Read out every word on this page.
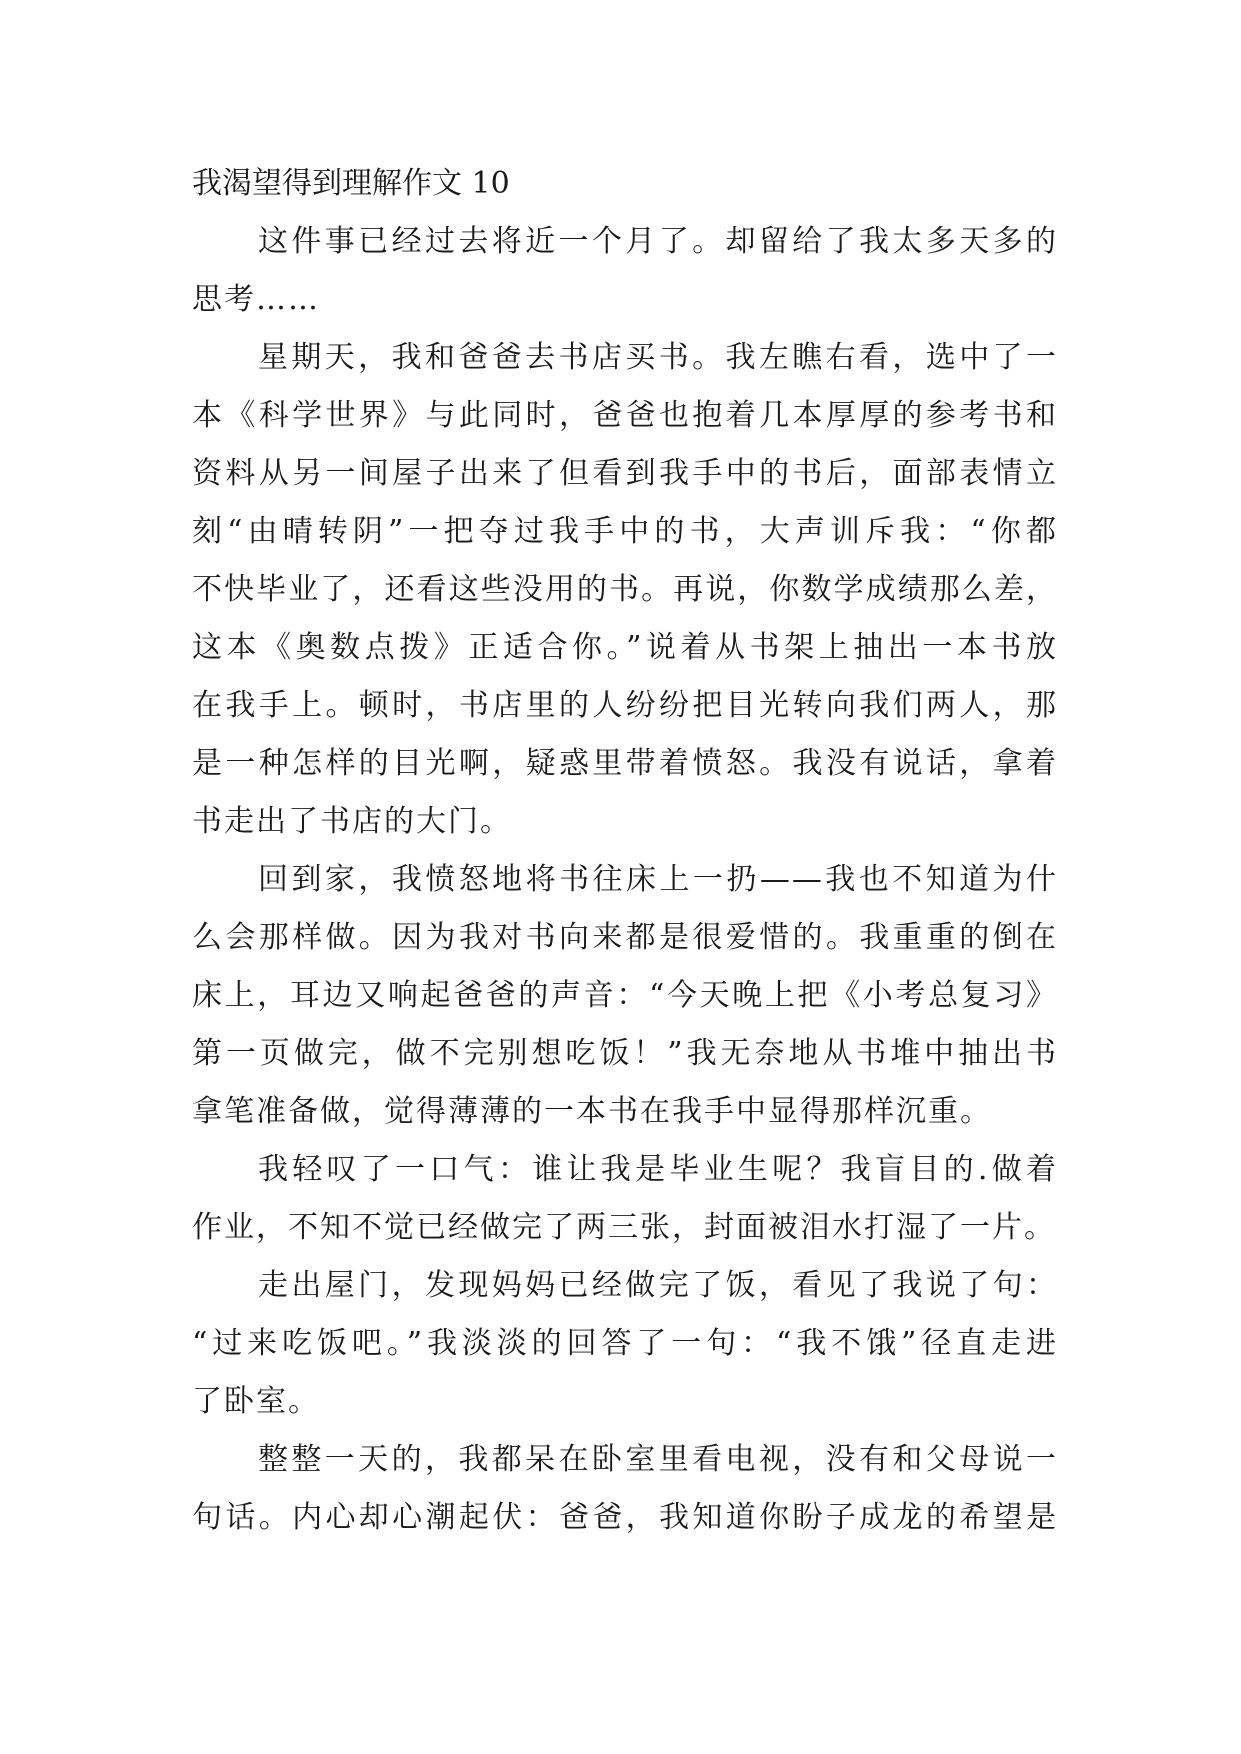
我渴望得到理解作文 10
这件事已经过去将近一个月了。却留给了我太多天多的
思考……
星期天，我和爸爸去书店买书。我左瞧右看，选中了一
本《科学世界》与此同时，爸爸也抱着几本厚厚的参考书和
资料从另一间屋子出来了但看到我手中的书后，面部表情立
刻“由晴转阴”一把夺过我手中的书，大声训斥我：“你都
不快毕业了，还看这些没用的书。再说，你数学成绩那么差，
这本《奥数点拨》正适合你。”说着从书架上抽出一本书放
在我手上。顿时，书店里的人纷纷把目光转向我们两人，那
是一种怎样的目光啊，疑惑里带着愤怒。我没有说话，拿着
书走出了书店的大门。
回到家，我愤怒地将书往床上一扔——我也不知道为什
么会那样做。因为我对书向来都是很爱惜的。我重重的倒在
床上，耳边又响起爸爸的声音：“今天晚上把《小考总复习》
第一页做完，做不完别想吃饭！”我无奈地从书堆中抽出书
拿笔准备做，觉得薄薄的一本书在我手中显得那样沉重。
我轻叹了一口气：谁让我是毕业生呢？我盲目的.做着
作业，不知不觉已经做完了两三张，封面被泪水打湿了一片。
走出屋门，发现妈妈已经做完了饭，看见了我说了句：
“过来吃饭吧。”我淡淡的回答了一句：“我不饿”径直走进
了卧室。
整整一天的，我都呆在卧室里看电视，没有和父母说一
句话。内心却心潮起伏：爸爸，我知道你盼子成龙的希望是
